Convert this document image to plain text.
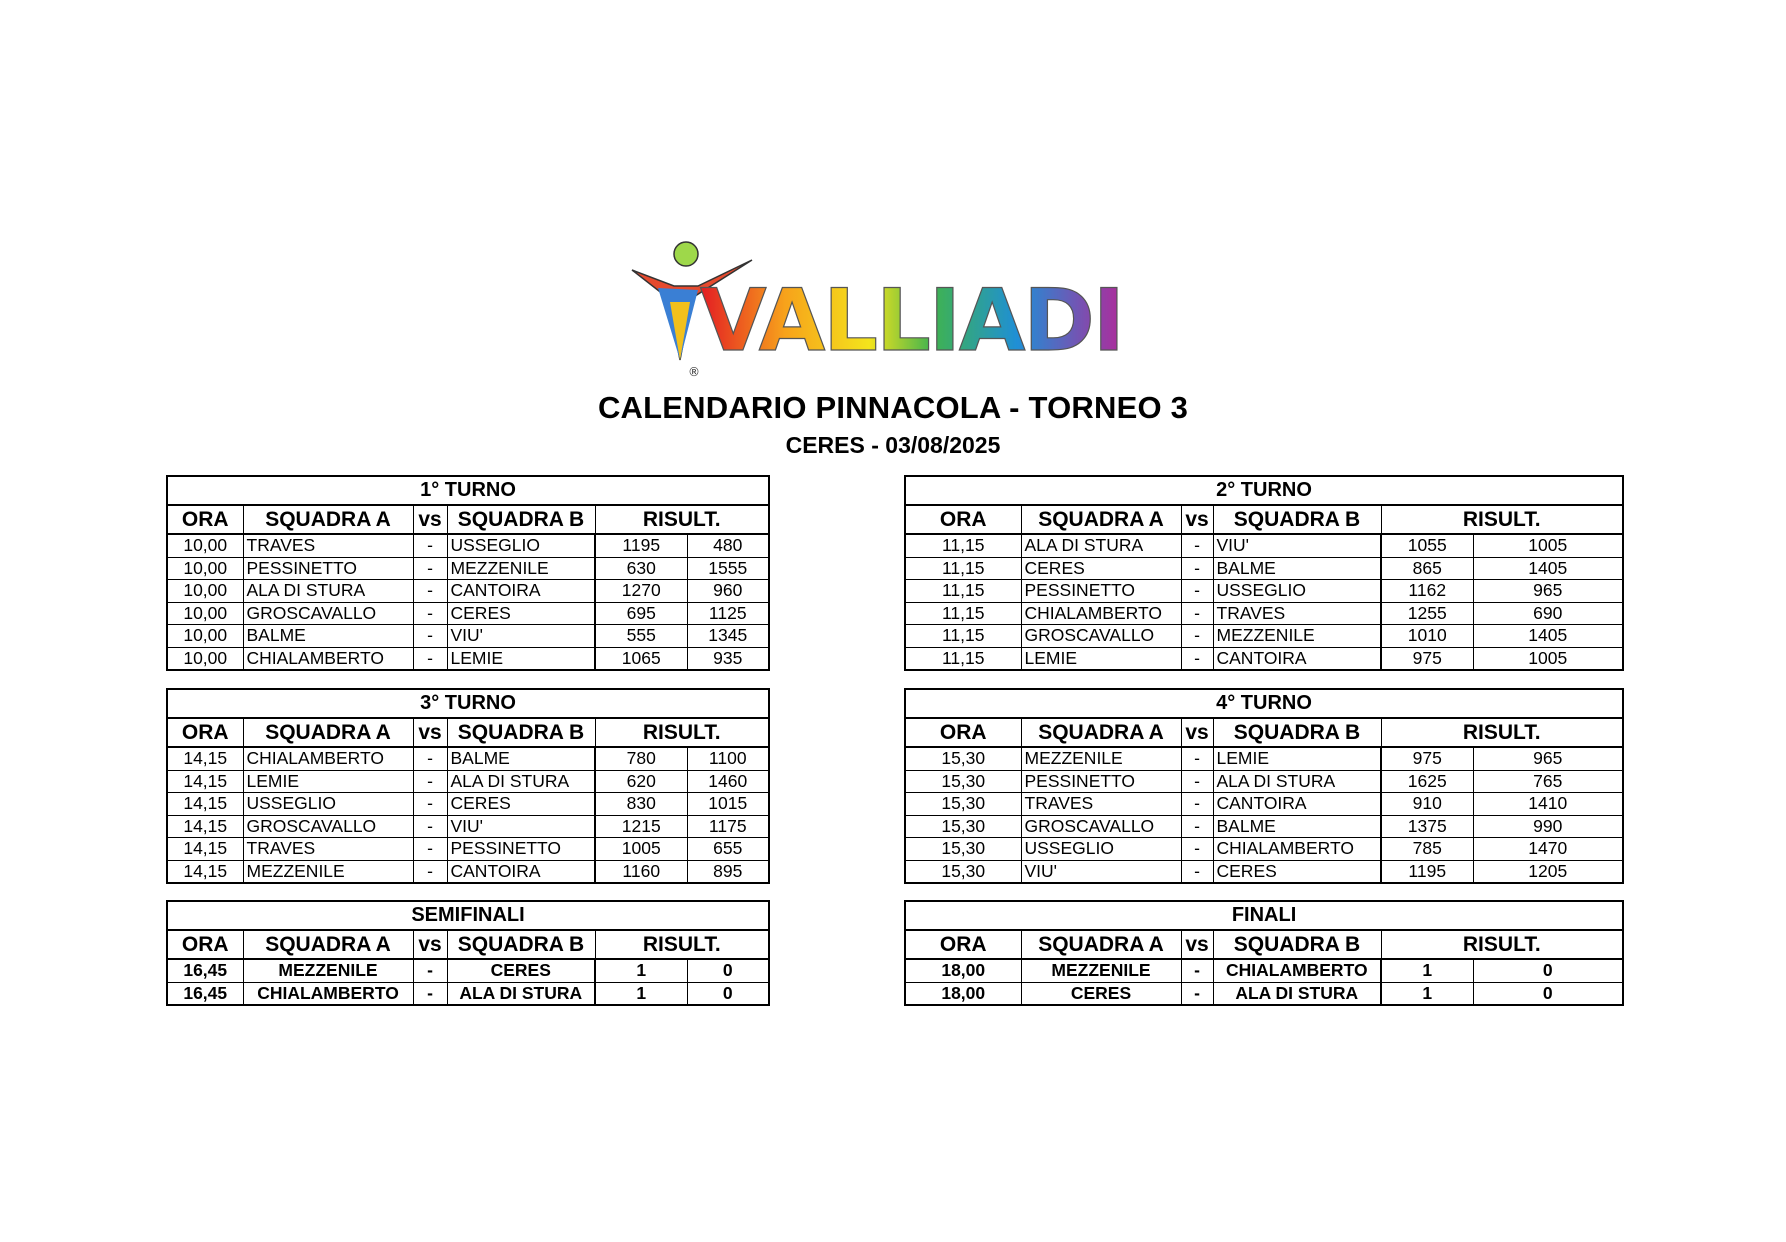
VALLIADI
®
CALENDARIO PINNACOLA - TORNEO 3
CERES - 03/08/2025
1° TURNO					
ORA	SQUADRA A	vs	SQUADRA B	RISULT.	
10,00	TRAVES	-	USSEGLIO	1195	480
10,00	PESSINETTO	-	MEZZENILE	630	1555
10,00	ALA DI STURA	-	CANTOIRA	1270	960
10,00	GROSCAVALLO	-	CERES	695	1125
10,00	BALME	-	VIU'	555	1345
10,00	CHIALAMBERTO	-	LEMIE	1065	935
2° TURNO					
ORA	SQUADRA A	vs	SQUADRA B	RISULT.	
11,15	ALA DI STURA	-	VIU'	1055	1005
11,15	CERES	-	BALME	865	1405
11,15	PESSINETTO	-	USSEGLIO	1162	965
11,15	CHIALAMBERTO	-	TRAVES	1255	690
11,15	GROSCAVALLO	-	MEZZENILE	1010	1405
11,15	LEMIE	-	CANTOIRA	975	1005
3° TURNO					
ORA	SQUADRA A	vs	SQUADRA B	RISULT.	
14,15	CHIALAMBERTO	-	BALME	780	1100
14,15	LEMIE	-	ALA DI STURA	620	1460
14,15	USSEGLIO	-	CERES	830	1015
14,15	GROSCAVALLO	-	VIU'	1215	1175
14,15	TRAVES	-	PESSINETTO	1005	655
14,15	MEZZENILE	-	CANTOIRA	1160	895
4° TURNO					
ORA	SQUADRA A	vs	SQUADRA B	RISULT.	
15,30	MEZZENILE	-	LEMIE	975	965
15,30	PESSINETTO	-	ALA DI STURA	1625	765
15,30	TRAVES	-	CANTOIRA	910	1410
15,30	GROSCAVALLO	-	BALME	1375	990
15,30	USSEGLIO	-	CHIALAMBERTO	785	1470
15,30	VIU'	-	CERES	1195	1205
SEMIFINALI					
ORA	SQUADRA A	vs	SQUADRA B	RISULT.	
16,45	MEZZENILE	-	CERES	1	0
16,45	CHIALAMBERTO	-	ALA DI STURA	1	0
FINALI					
ORA	SQUADRA A	vs	SQUADRA B	RISULT.	
18,00	MEZZENILE	-	CHIALAMBERTO	1	0
18,00	CERES	-	ALA DI STURA	1	0
